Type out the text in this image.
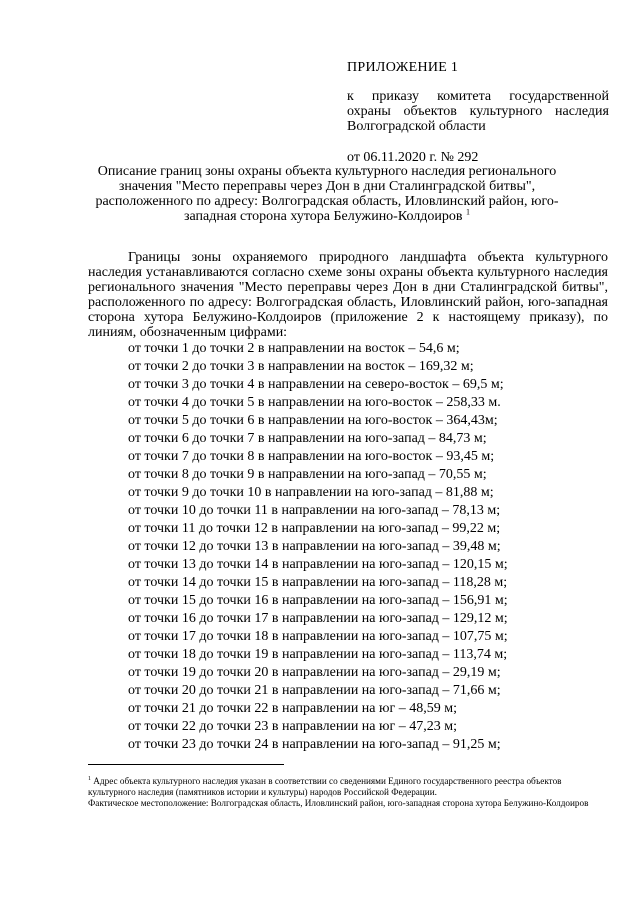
ПРИЛОЖЕНИЕ 1
к приказу комитета государственной охраны объектов культурного наследия Волгоградской области
от 06.11.2020 г. № 292
Описание границ зоны охраны объекта культурного наследия регионального значения "Место переправы через Дон в дни Сталинградской битвы", расположенного по адресу: Волгоградская область, Иловлинский район, юго-западная сторона хутора Белужино-Колдоиров $^1$

Границы зоны охраняемого природного ландшафта объекта культурного наследия устанавливаются согласно схеме зоны охраны объекта культурного наследия регионального значения "Место переправы через Дон в дни Сталинградской битвы", расположенного по адресу: Волгоградская область, Иловлинский район, юго-западная сторона хутора Белужино-Колдоиров (приложение 2 к настоящему приказу), по линиям, обозначенным цифрами:

от точки 1 до точки 2 в направлении на восток – 54,6 м;
от точки 2 до точки 3 в направлении на восток – 169,32 м;
от точки 3 до точки 4 в направлении на северо-восток – 69,5 м;
от точки 4 до точки 5 в направлении на юго-восток – 258,33 м.
от точки 5 до точки 6 в направлении на юго-восток – 364,43м;
от точки 6 до точки 7 в направлении на юго-запад – 84,73 м;
от точки 7 до точки 8 в направлении на юго-восток – 93,45 м;
от точки 8 до точки 9 в направлении на юго-запад – 70,55 м;
от точки 9 до точки 10 в направлении на юго-запад – 81,88 м;
от точки 10 до точки 11 в направлении на юго-запад – 78,13 м;
от точки 11 до точки 12 в направлении на юго-запад – 99,22 м;
от точки 12 до точки 13 в направлении на юго-запад – 39,48 м;
от точки 13 до точки 14 в направлении на юго-запад – 120,15 м;
от точки 14 до точки 15 в направлении на юго-запад – 118,28 м;
от точки 15 до точки 16 в направлении на юго-запад – 156,91 м;
от точки 16 до точки 17 в направлении на юго-запад – 129,12 м;
от точки 17 до точки 18 в направлении на юго-запад – 107,75 м;
от точки 18 до точки 19 в направлении на юго-запад – 113,74 м;
от точки 19 до точки 20 в направлении на юго-запад – 29,19 м;
от точки 20 до точки 21 в направлении на юго-запад – 71,66 м;
от точки 21 до точки 22 в направлении на юг – 48,59 м;
от точки 22 до точки 23 в направлении на юг – 47,23 м;
от точки 23 до точки 24 в направлении на юго-запад – 91,25 м;
$^1$ Адрес объекта культурного наследия указан в соответствии со сведениями Единого государственного реестра объектов культурного наследия (памятников истории и культуры) народов Российской Федерации.
Фактическое местоположение: Волгоградская область, Иловлинский район, юго-западная сторона хутора Белужино-Колдоиров
